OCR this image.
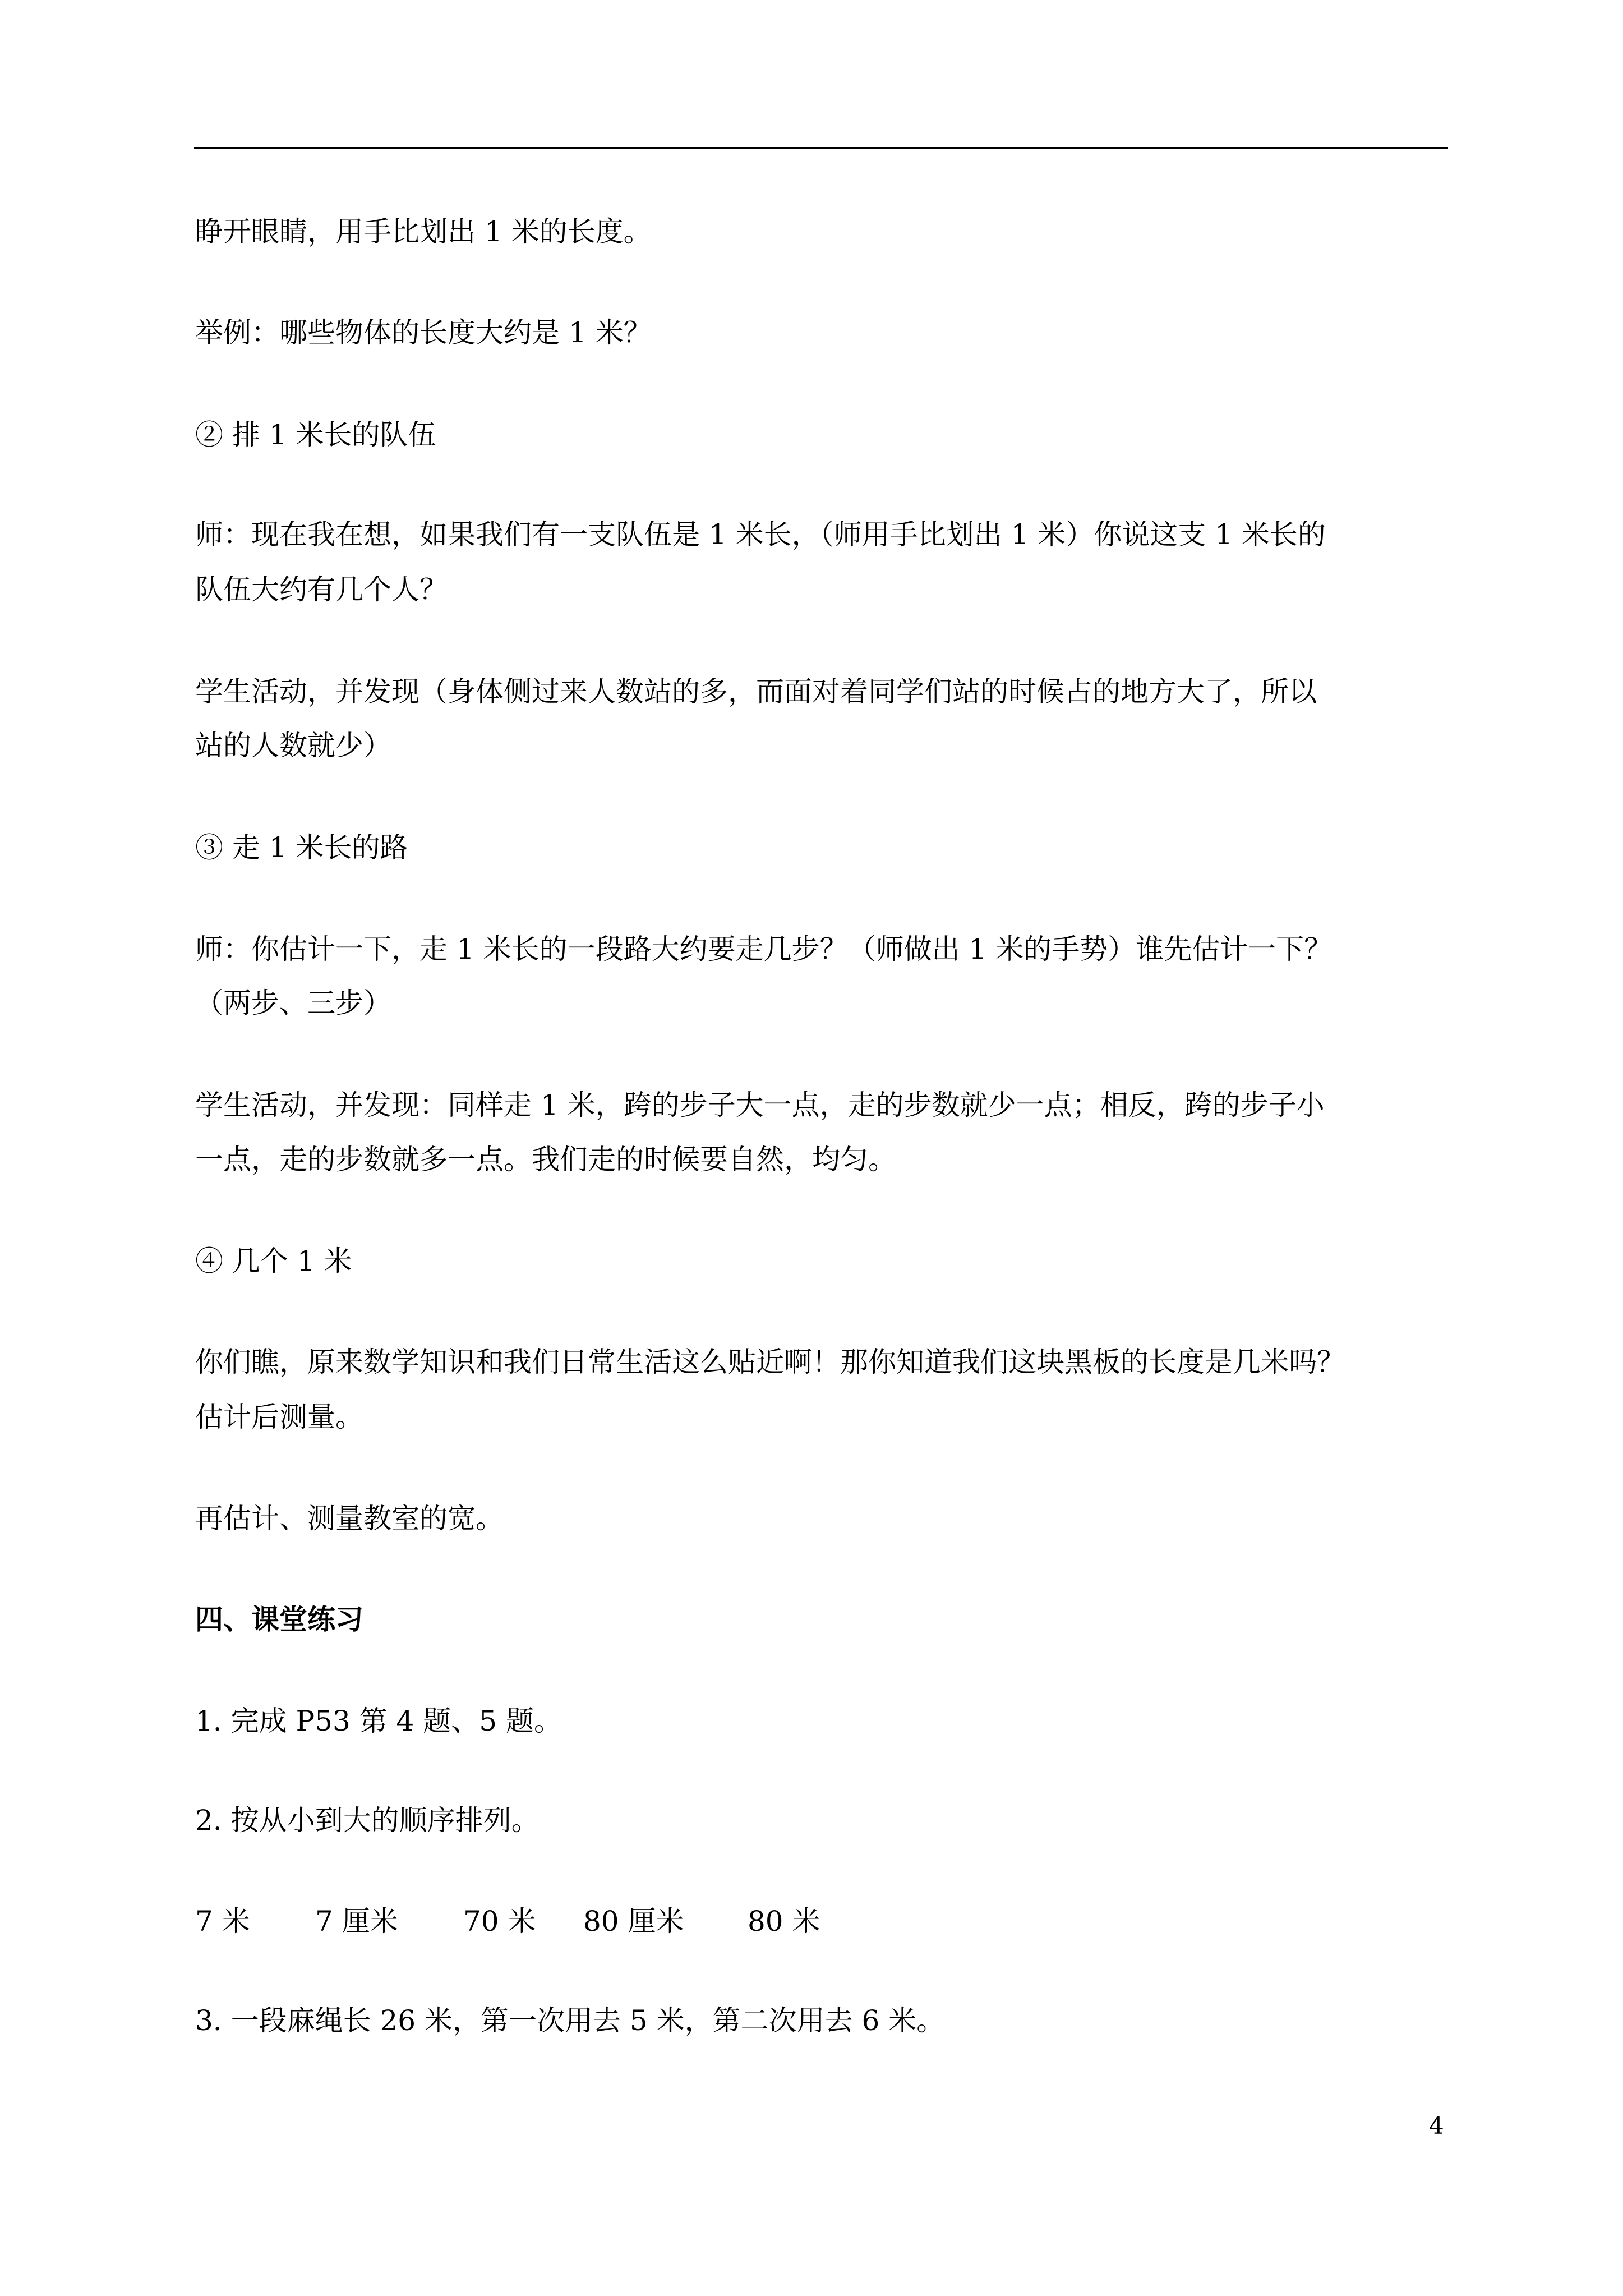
睁开眼睛，用手比划出 1 米的长度。
举例：哪些物体的长度大约是 1 米？
② 排 1 米长的队伍
师：现在我在想，如果我们有一支队伍是 1 米长，（师用手比划出 1 米）你说这支 1 米长的
队伍大约有几个人？
学生活动，并发现（身体侧过来人数站的多，而面对着同学们站的时候占的地方大了，所以
站的人数就少）
③ 走 1 米长的路
师：你估计一下，走 1 米长的一段路大约要走几步？（师做出 1 米的手势）谁先估计一下？
（两步、三步）
学生活动，并发现：同样走 1 米，跨的步子大一点，走的步数就少一点；相反，跨的步子小
一点，走的步数就多一点。我们走的时候要自然，均匀。
④ 几个 1 米
你们瞧，原来数学知识和我们日常生活这么贴近啊！那你知道我们这块黑板的长度是几米吗？
估计后测量。
再估计、测量教室的宽。
四、课堂练习
1. 完成 P53 第 4 题、5 题。
2. 按从小到大的顺序排列。
7 米 7 厘米 70 米 80 厘米 80 米
3. 一段麻绳长 26 米，第一次用去 5 米，第二次用去 6 米。
4
